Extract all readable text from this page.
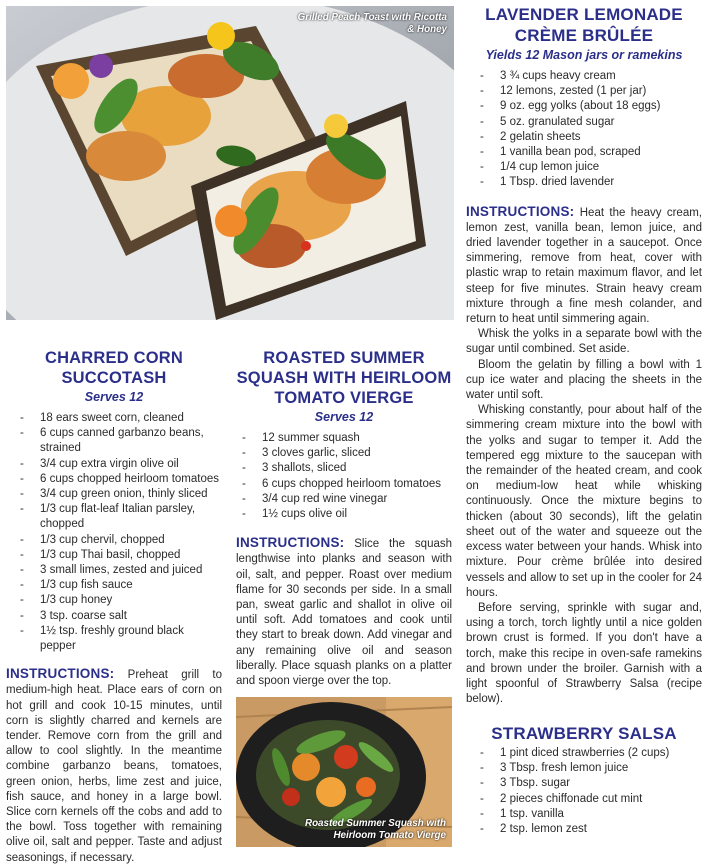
Grilled Peach Toast with Ricotta & Honey
LAVENDER LEMONADE CRÈME BRÛLÉE
Yields 12 Mason jars or ramekins
- 3 ¾ cups heavy cream
- 12 lemons, zested (1 per jar)
- 9 oz. egg yolks (about 18 eggs)
- 5 oz. granulated sugar
- 2 gelatin sheets
- 1 vanilla bean pod, scraped
- 1/4 cup lemon juice
- 1 Tbsp. dried lavender

INSTRUCTIONS: Heat the heavy cream, lemon zest, vanilla bean, lemon juice, and dried lavender together in a saucepot. Once simmering, remove from heat, cover with plastic wrap to retain maximum flavor, and let steep for five minutes. Strain heavy cream mixture through a fine mesh colander, and return to heat until simmering again.

Whisk the yolks in a separate bowl with the sugar until combined. Set aside.

Bloom the gelatin by filling a bowl with 1 cup ice water and placing the sheets in the water until soft.

Whisking constantly, pour about half of the simmering cream mixture into the bowl with the yolks and sugar to temper it. Add the tempered egg mixture to the saucepan with the remainder of the heated cream, and cook on medium-low heat while whisking continuously. Once the mixture begins to thicken (about 30 seconds), lift the gelatin sheet out of the water and squeeze out the excess water between your hands. Whisk into mixture. Pour crème brûlée into desired vessels and allow to set up in the cooler for 24 hours.

Before serving, sprinkle with sugar and, using a torch, torch lightly until a nice golden brown crust is formed. If you don't have a torch, make this recipe in oven-safe ramekins and brown under the broiler. Garnish with a light spoonful of Strawberry Salsa (recipe below).

STRAWBERRY SALSA
- 1 pint diced strawberries (2 cups)
- 3 Tbsp. fresh lemon juice
- 3 Tbsp. sugar
- 2 pieces chiffonade cut mint
- 1 tsp. vanilla
- 2 tsp. lemon zest
CHARRED CORN SUCCOTASH
Serves 12
- 18 ears sweet corn, cleaned
- 6 cups canned garbanzo beans, strained
- 3/4 cup extra virgin olive oil
- 6 cups chopped heirloom tomatoes
- 3/4 cup green onion, thinly sliced
- 1/3 cup flat-leaf Italian parsley, chopped
- 1/3 cup chervil, chopped
- 1/3 cup Thai basil, chopped
- 3 small limes, zested and juiced
- 1/3 cup fish sauce
- 1/3 cup honey
- 3 tsp. coarse salt
- 1½ tsp. freshly ground black pepper

INSTRUCTIONS: Preheat grill to medium-high heat. Place ears of corn on hot grill and cook 10-15 minutes, until corn is slightly charred and kernels are tender. Remove corn from the grill and allow to cool slightly. In the meantime combine garbanzo beans, tomatoes, green onion, herbs, lime zest and juice, fish sauce, and honey in a large bowl. Slice corn kernels off the cobs and add to the bowl. Toss together with remaining olive oil, salt and pepper. Taste and adjust seasonings, if necessary.

ROASTED SUMMER SQUASH WITH HEIRLOOM TOMATO VIERGE
Serves 12
- 12 summer squash
- 3 cloves garlic, sliced
- 3 shallots, sliced
- 6 cups chopped heirloom tomatoes
- 3/4 cup red wine vinegar
- 1½ cups olive oil

INSTRUCTIONS: Slice the squash lengthwise into planks and season with oil, salt, and pepper. Roast over medium flame for 30 seconds per side. In a small pan, sweat garlic and shallot in olive oil until soft. Add tomatoes and cook until they start to break down. Add vinegar and any remaining olive oil and season liberally. Place squash planks on a platter and spoon vierge over the top.

Roasted Summer Squash with Heirloom Tomato Vierge
